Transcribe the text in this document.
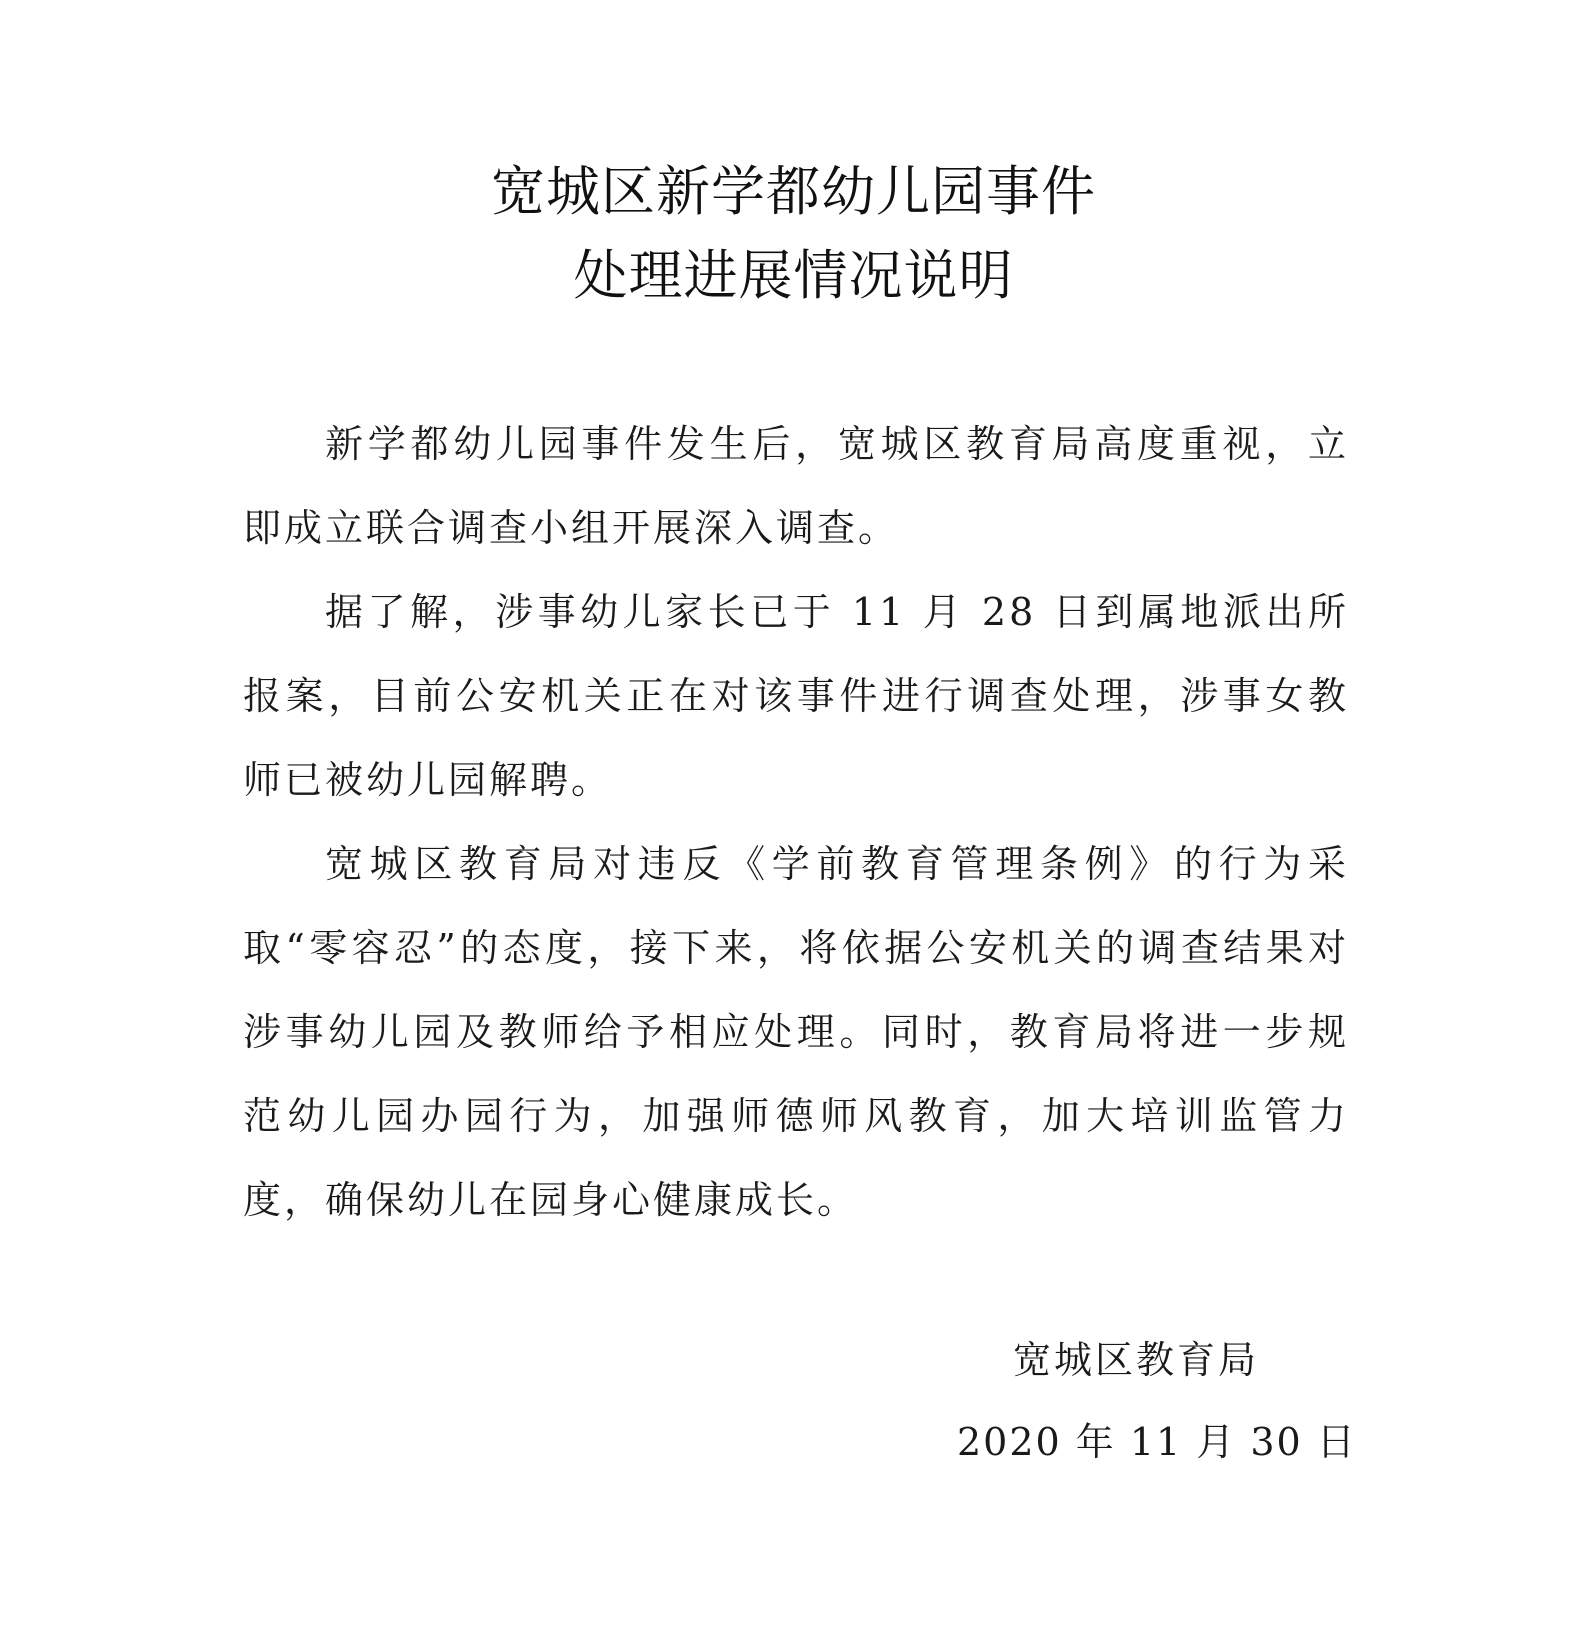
宽城区新学都幼儿园事件
处理进展情况说明

新学都幼儿园事件发生后，宽城区教育局高度重视，立即成立联合调查小组开展深入调查。

据了解，涉事幼儿家长已于 11 月 28 日到属地派出所报案，目前公安机关正在对该事件进行调查处理，涉事女教师已被幼儿园解聘。

宽城区教育局对违反《学前教育管理条例》的行为采取“零容忍”的态度，接下来，将依据公安机关的调查结果对涉事幼儿园及教师给予相应处理。同时，教育局将进一步规范幼儿园办园行为，加强师德师风教育，加大培训监管力度，确保幼儿在园身心健康成长。

宽城区教育局
2020 年 11 月 30 日
